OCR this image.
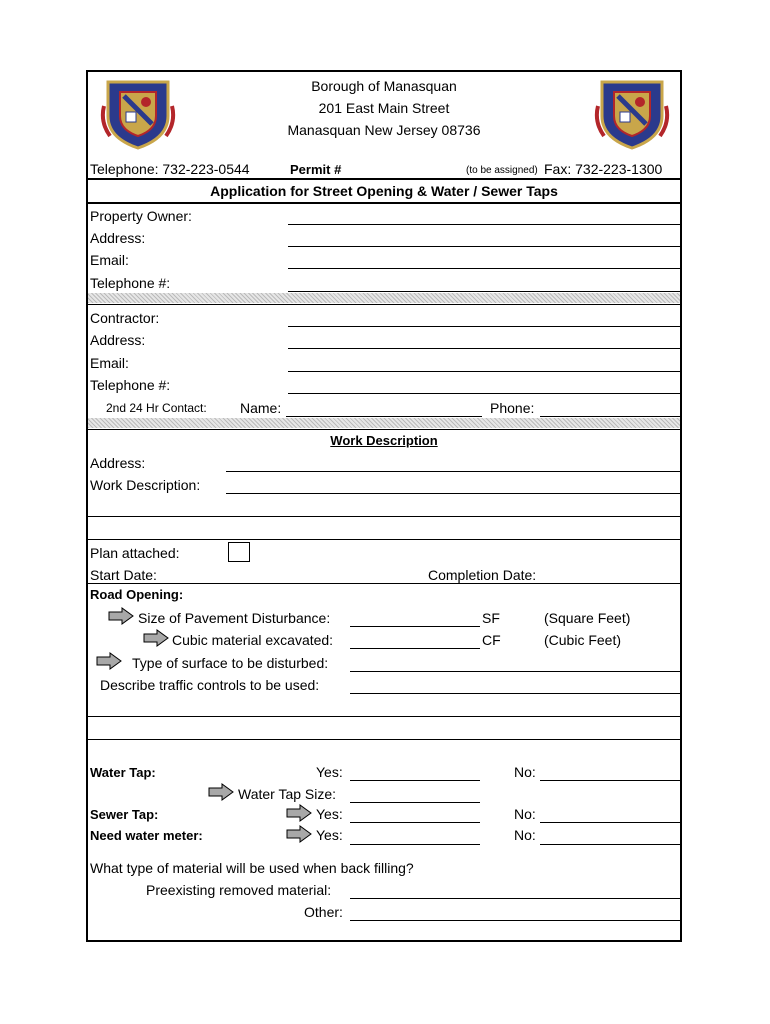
Borough of Manasquan
201 East Main Street
Manasquan New Jersey 08736
Telephone: 732-223-0544	Permit #	(to be assigned) Fax: 732-223-1300
Application for Street Opening & Water / Sewer Taps
Property Owner:
Address:
Email:
Telephone #:
Contractor:
Address:
Email:
Telephone #:
2nd 24 Hr Contact: Name:	Phone:
Work Description
Address:
Work Description:
Plan attached:
Start Date:	Completion Date:
Road Opening:
Size of Pavement Disturbance:	SF	(Square Feet)
Cubic material excavated:	CF	(Cubic Feet)
Type of surface to be disturbed:
Describe traffic controls to be used:
Water Tap:	Yes:	No:
Water Tap Size:
Sewer Tap:	Yes:	No:
Need water meter:	Yes:	No:
What type of material will be used when back filling?
Preexisting removed material:
Other:
